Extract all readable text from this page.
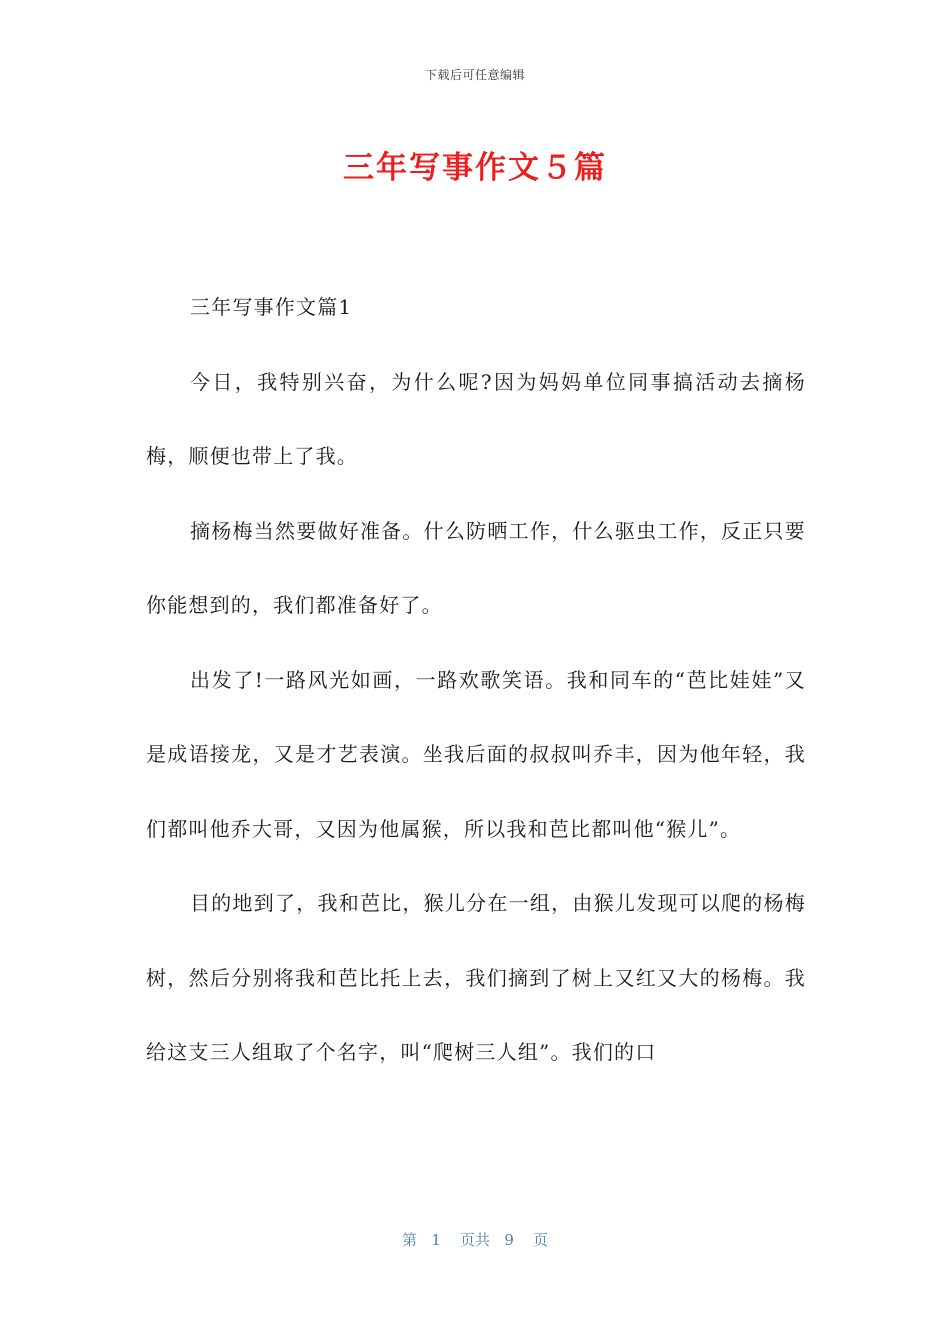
下载后可任意编辑
三年写事作文５篇

三年写事作文篇1

今日，我特别兴奋，为什么呢?因为妈妈单位同事搞活动去摘杨梅，顺便也带上了我。

摘杨梅当然要做好准备。什么防晒工作，什么驱虫工作，反正只要你能想到的，我们都准备好了。

出发了!一路风光如画，一路欢歌笑语。我和同车的“芭比娃娃”又是成语接龙，又是才艺表演。坐我后面的叔叔叫乔丰，因为他年轻，我们都叫他乔大哥，又因为他属猴，所以我和芭比都叫他“猴儿”。

目的地到了，我和芭比，猴儿分在一组，由猴儿发现可以爬的杨梅树，然后分别将我和芭比托上去，我们摘到了树上又红又大的杨梅。我给这支三人组取了个名字，叫“爬树三人组”。我们的口

第 1 页共 9 页
